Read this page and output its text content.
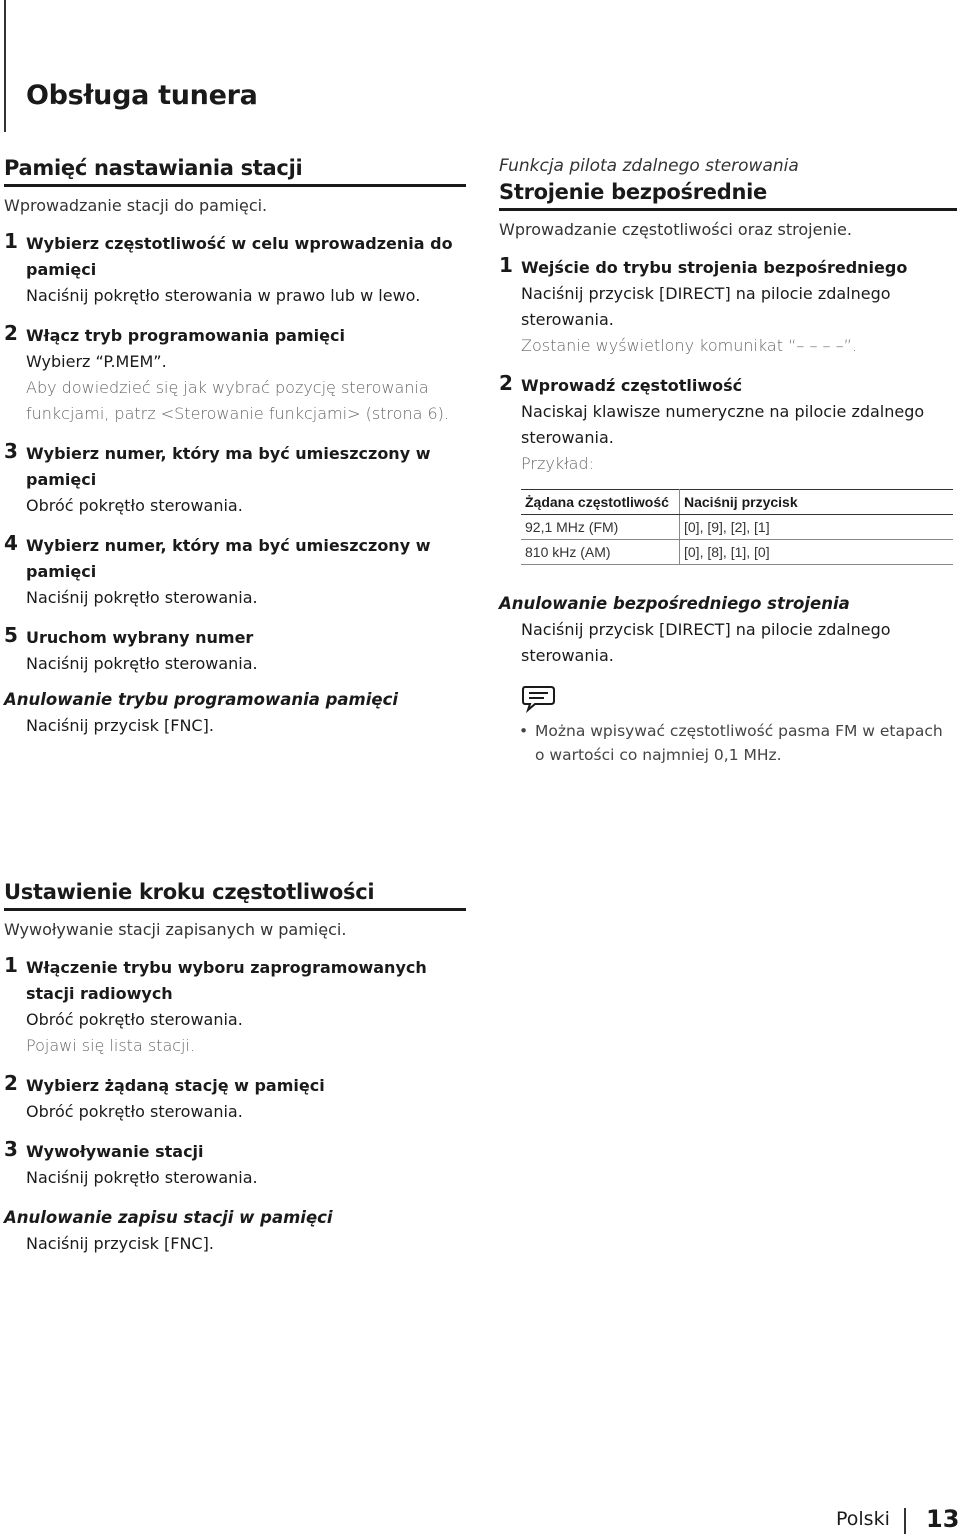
Obsługa tunera
Pamięć nastawiania stacji
Wprowadzanie stacji do pamięci.
1 Wybierz częstotliwość w celu wprowadzenia do pamięci
Naciśnij pokrętło sterowania w prawo lub w lewo.
2 Włącz tryb programowania pamięci
Wybierz “P.MEM”.
Aby dowiedzieć się jak wybrać pozycję sterowania funkcjami, patrz <Sterowanie funkcjami> (strona 6).
3 Wybierz numer, który ma być umieszczony w pamięci
Obróć pokrętło sterowania.
4 Wybierz numer, który ma być umieszczony w pamięci
Naciśnij pokrętło sterowania.
5 Uruchom wybrany numer
Naciśnij pokrętło sterowania.
Anulowanie trybu programowania pamięci
Naciśnij przycisk [FNC].
Funkcja pilota zdalnego sterowania
Strojenie bezpośrednie
Wprowadzanie częstotliwości oraz strojenie.
1 Wejście do trybu strojenia bezpośredniego
Naciśnij przycisk [DIRECT] na pilocie zdalnego sterowania.
Zostanie wyświetlony komunikat “– – – –”.
2 Wprowadź częstotliwość
Naciskaj klawisze numeryczne na pilocie zdalnego sterowania.
Przykład:
Żądana częstotliwość	Naciśnij przycisk
92,1 MHz (FM)	[0], [9], [2], [1]
810 kHz (AM)	[0], [8], [1], [0]
Anulowanie bezpośredniego strojenia
Naciśnij przycisk [DIRECT] na pilocie zdalnego sterowania.
• Można wpisywać częstotliwość pasma FM w etapach o wartości co najmniej 0,1 MHz.
Ustawienie kroku częstotliwości
Wywoływanie stacji zapisanych w pamięci.
1 Włączenie trybu wyboru zaprogramowanych stacji radiowych
Obróć pokrętło sterowania.
Pojawi się lista stacji.
2 Wybierz żądaną stację w pamięci
Obróć pokrętło sterowania.
3 Wywoływanie stacji
Naciśnij pokrętło sterowania.
Anulowanie zapisu stacji w pamięci
Naciśnij przycisk [FNC].
Polski 13
